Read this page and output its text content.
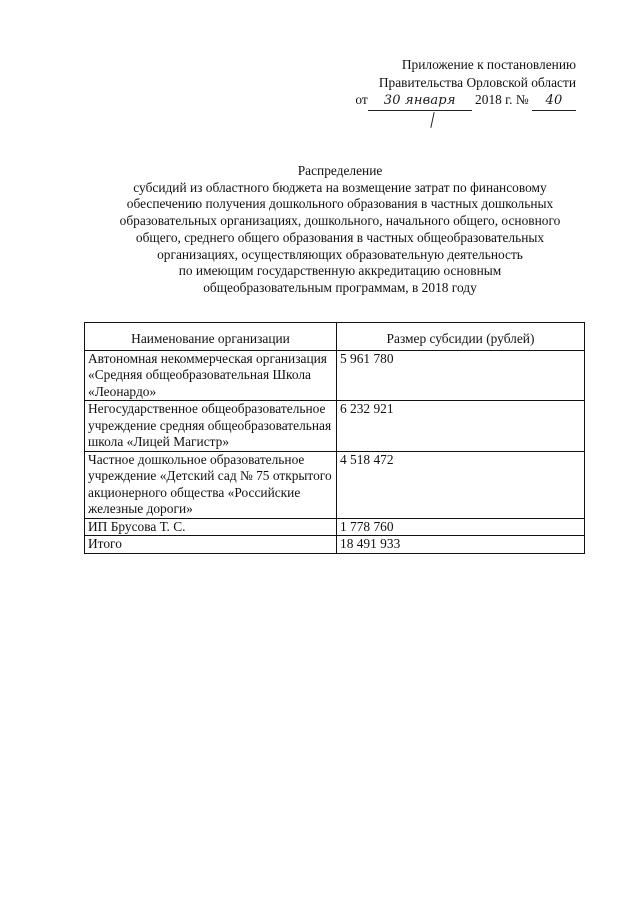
Приложение к постановлению
Правительства Орловской области
от 30 января 2018 г. № 40
Распределение
субсидий из областного бюджета на возмещение затрат по финансовому
обеспечению получения дошкольного образования в частных дошкольных
образовательных организациях, дошкольного, начального общего, основного
общего, среднего общего образования в частных общеобразовательных
организациях, осуществляющих образовательную деятельность
по имеющим государственную аккредитацию основным
общеобразовательным программам, в 2018 году
Наименование организации	Размер субсидии (рублей)
Автономная некоммерческая организация «Средняя общеобразовательная Школа «Леонардо»	5 961 780
Негосударственное общеобразовательное учреждение средняя общеобразовательная школа «Лицей Магистр»	6 232 921
Частное дошкольное образовательное учреждение «Детский сад № 75 открытого акционерного общества «Российские железные дороги»	4 518 472
ИП Брусова Т. С.	1 778 760
Итого	18 491 933
